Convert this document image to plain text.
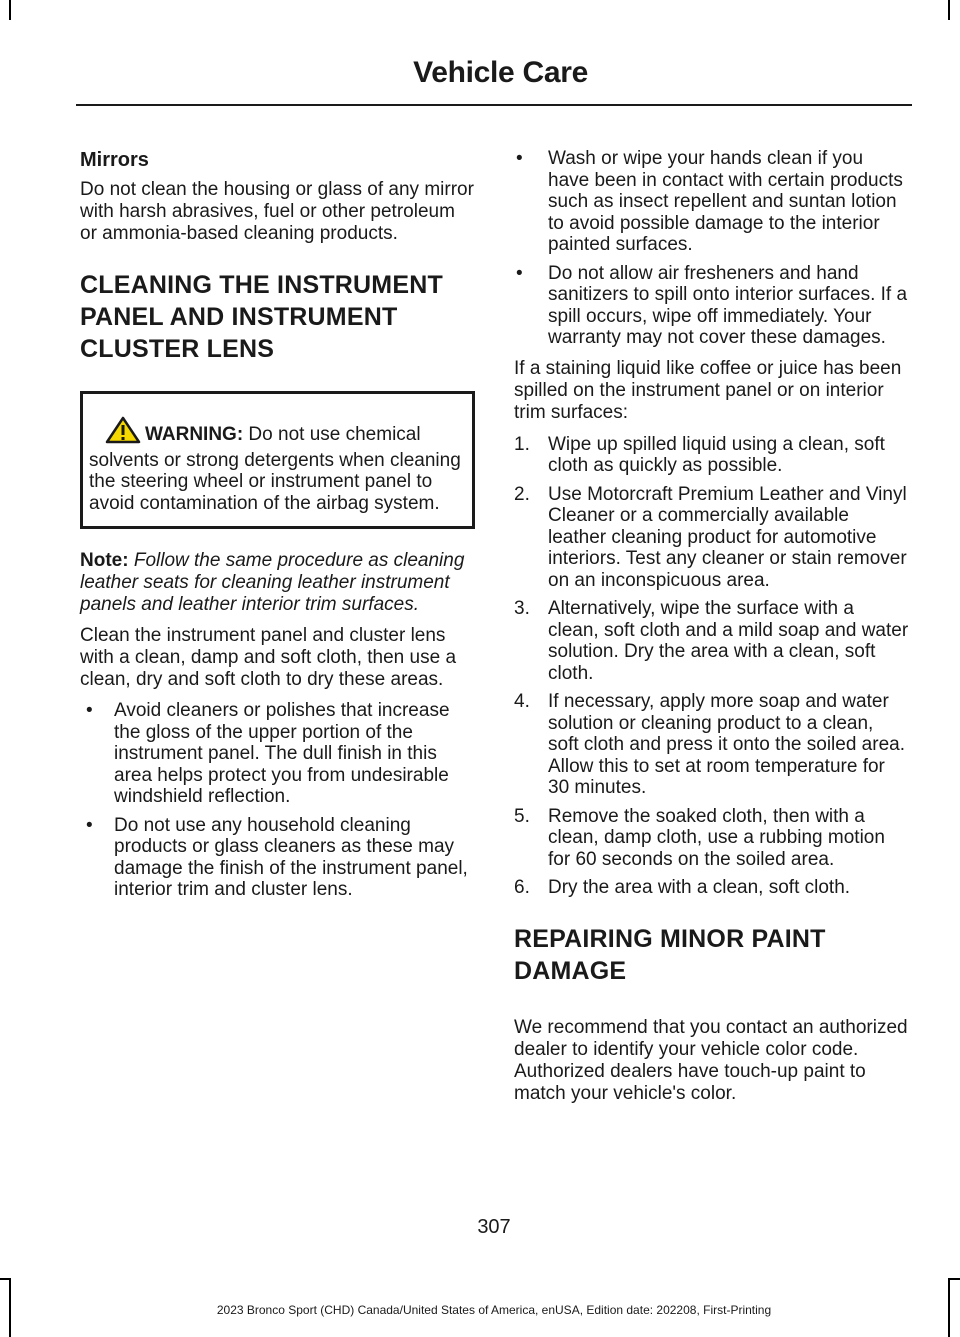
Vehicle Care
Mirrors

Do not clean the housing or glass of any mirror with harsh abrasives, fuel or other petroleum or ammonia-based cleaning products.

CLEANING THE INSTRUMENT
PANEL AND INSTRUMENT
CLUSTER LENS

WARNING: Do not use chemical solvents or strong detergents when cleaning the steering wheel or instrument panel to avoid contamination of the airbag system.

Note: Follow the same procedure as cleaning leather seats for cleaning leather instrument panels and leather interior trim surfaces.

Clean the instrument panel and cluster lens with a clean, damp and soft cloth, then use a clean, dry and soft cloth to dry these areas.

• Avoid cleaners or polishes that increase the gloss of the upper portion of the instrument panel. The dull finish in this area helps protect you from undesirable windshield reflection.
• Do not use any household cleaning products or glass cleaners as these may damage the finish of the instrument panel, interior trim and cluster lens.
• Wash or wipe your hands clean if you have been in contact with certain products such as insect repellent and suntan lotion to avoid possible damage to the interior painted surfaces.
• Do not allow air fresheners and hand sanitizers to spill onto interior surfaces. If a spill occurs, wipe off immediately. Your warranty may not cover these damages.

If a staining liquid like coffee or juice has been spilled on the instrument panel or on interior trim surfaces:

1. Wipe up spilled liquid using a clean, soft cloth as quickly as possible.
2. Use Motorcraft Premium Leather and Vinyl Cleaner or a commercially available leather cleaning product for automotive interiors. Test any cleaner or stain remover on an inconspicuous area.
3. Alternatively, wipe the surface with a clean, soft cloth and a mild soap and water solution. Dry the area with a clean, soft cloth.
4. If necessary, apply more soap and water solution or cleaning product to a clean, soft cloth and press it onto the soiled area. Allow this to set at room temperature for 30 minutes.
5. Remove the soaked cloth, then with a clean, damp cloth, use a rubbing motion for 60 seconds on the soiled area.
6. Dry the area with a clean, soft cloth.
REPAIRING MINOR PAINT
DAMAGE

We recommend that you contact an authorized dealer to identify your vehicle color code. Authorized dealers have touch-up paint to match your vehicle's color.

307
2023 Bronco Sport (CHD) Canada/United States of America, enUSA, Edition date: 202208, First-Printing
